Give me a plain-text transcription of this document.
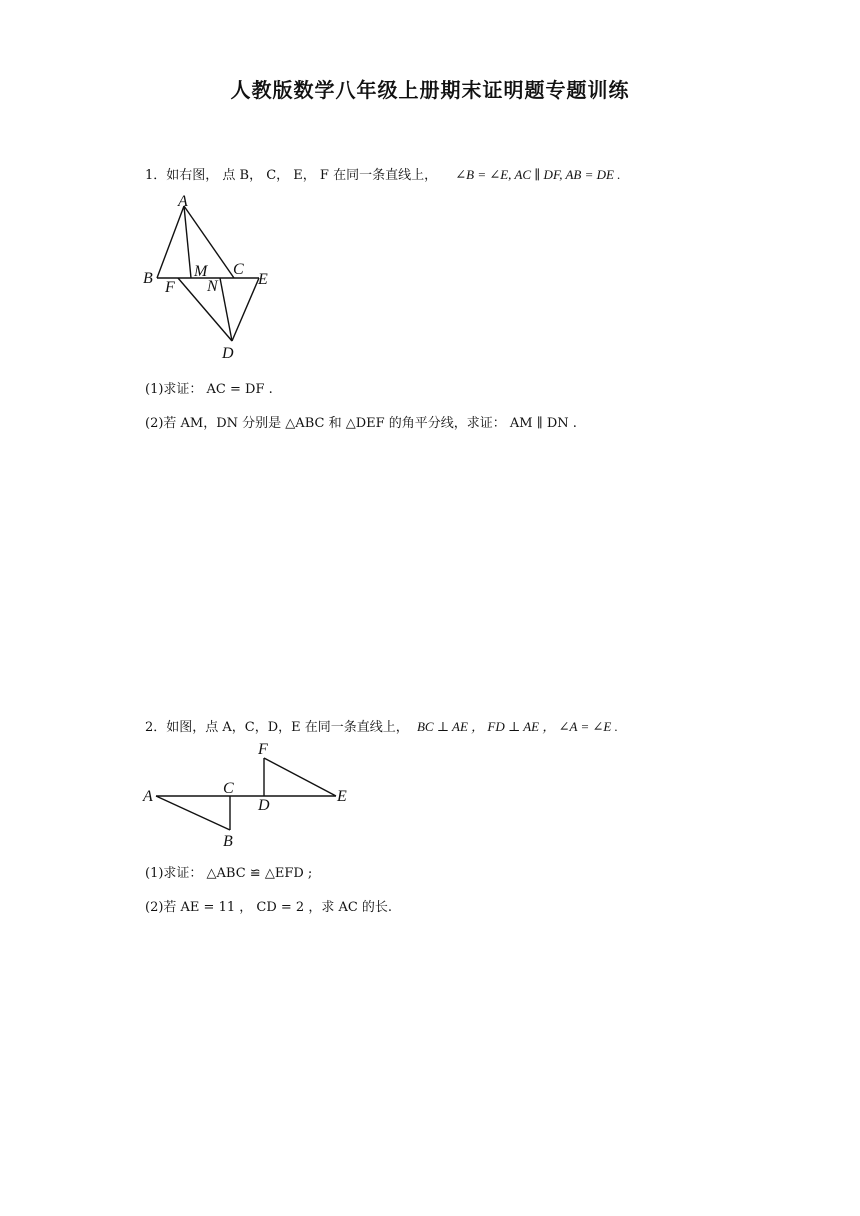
人教版数学八年级上册期末证明题专题训练
1．如右图， 点 B， C， E， F 在同一条直线上， ∠B = ∠E, AC ∥ DF, AB = DE .
A
B	M C
E
F N
D
(1)求证： AC = DF .
(2)若 AM，DN 分别是 △ABC 和 △DEF 的角平分线，求证： AM ∥ DN .
2．如图，点 A，C，D，E 在同一条直线上， BC ⊥ AE ， FD ⊥ AE ， ∠A = ∠E .
A	C
D
E
B
F
(1)求证： △ABC ≌ △EFD ;
(2)若 AE = 11 ， CD = 2 ，求 AC 的长.
